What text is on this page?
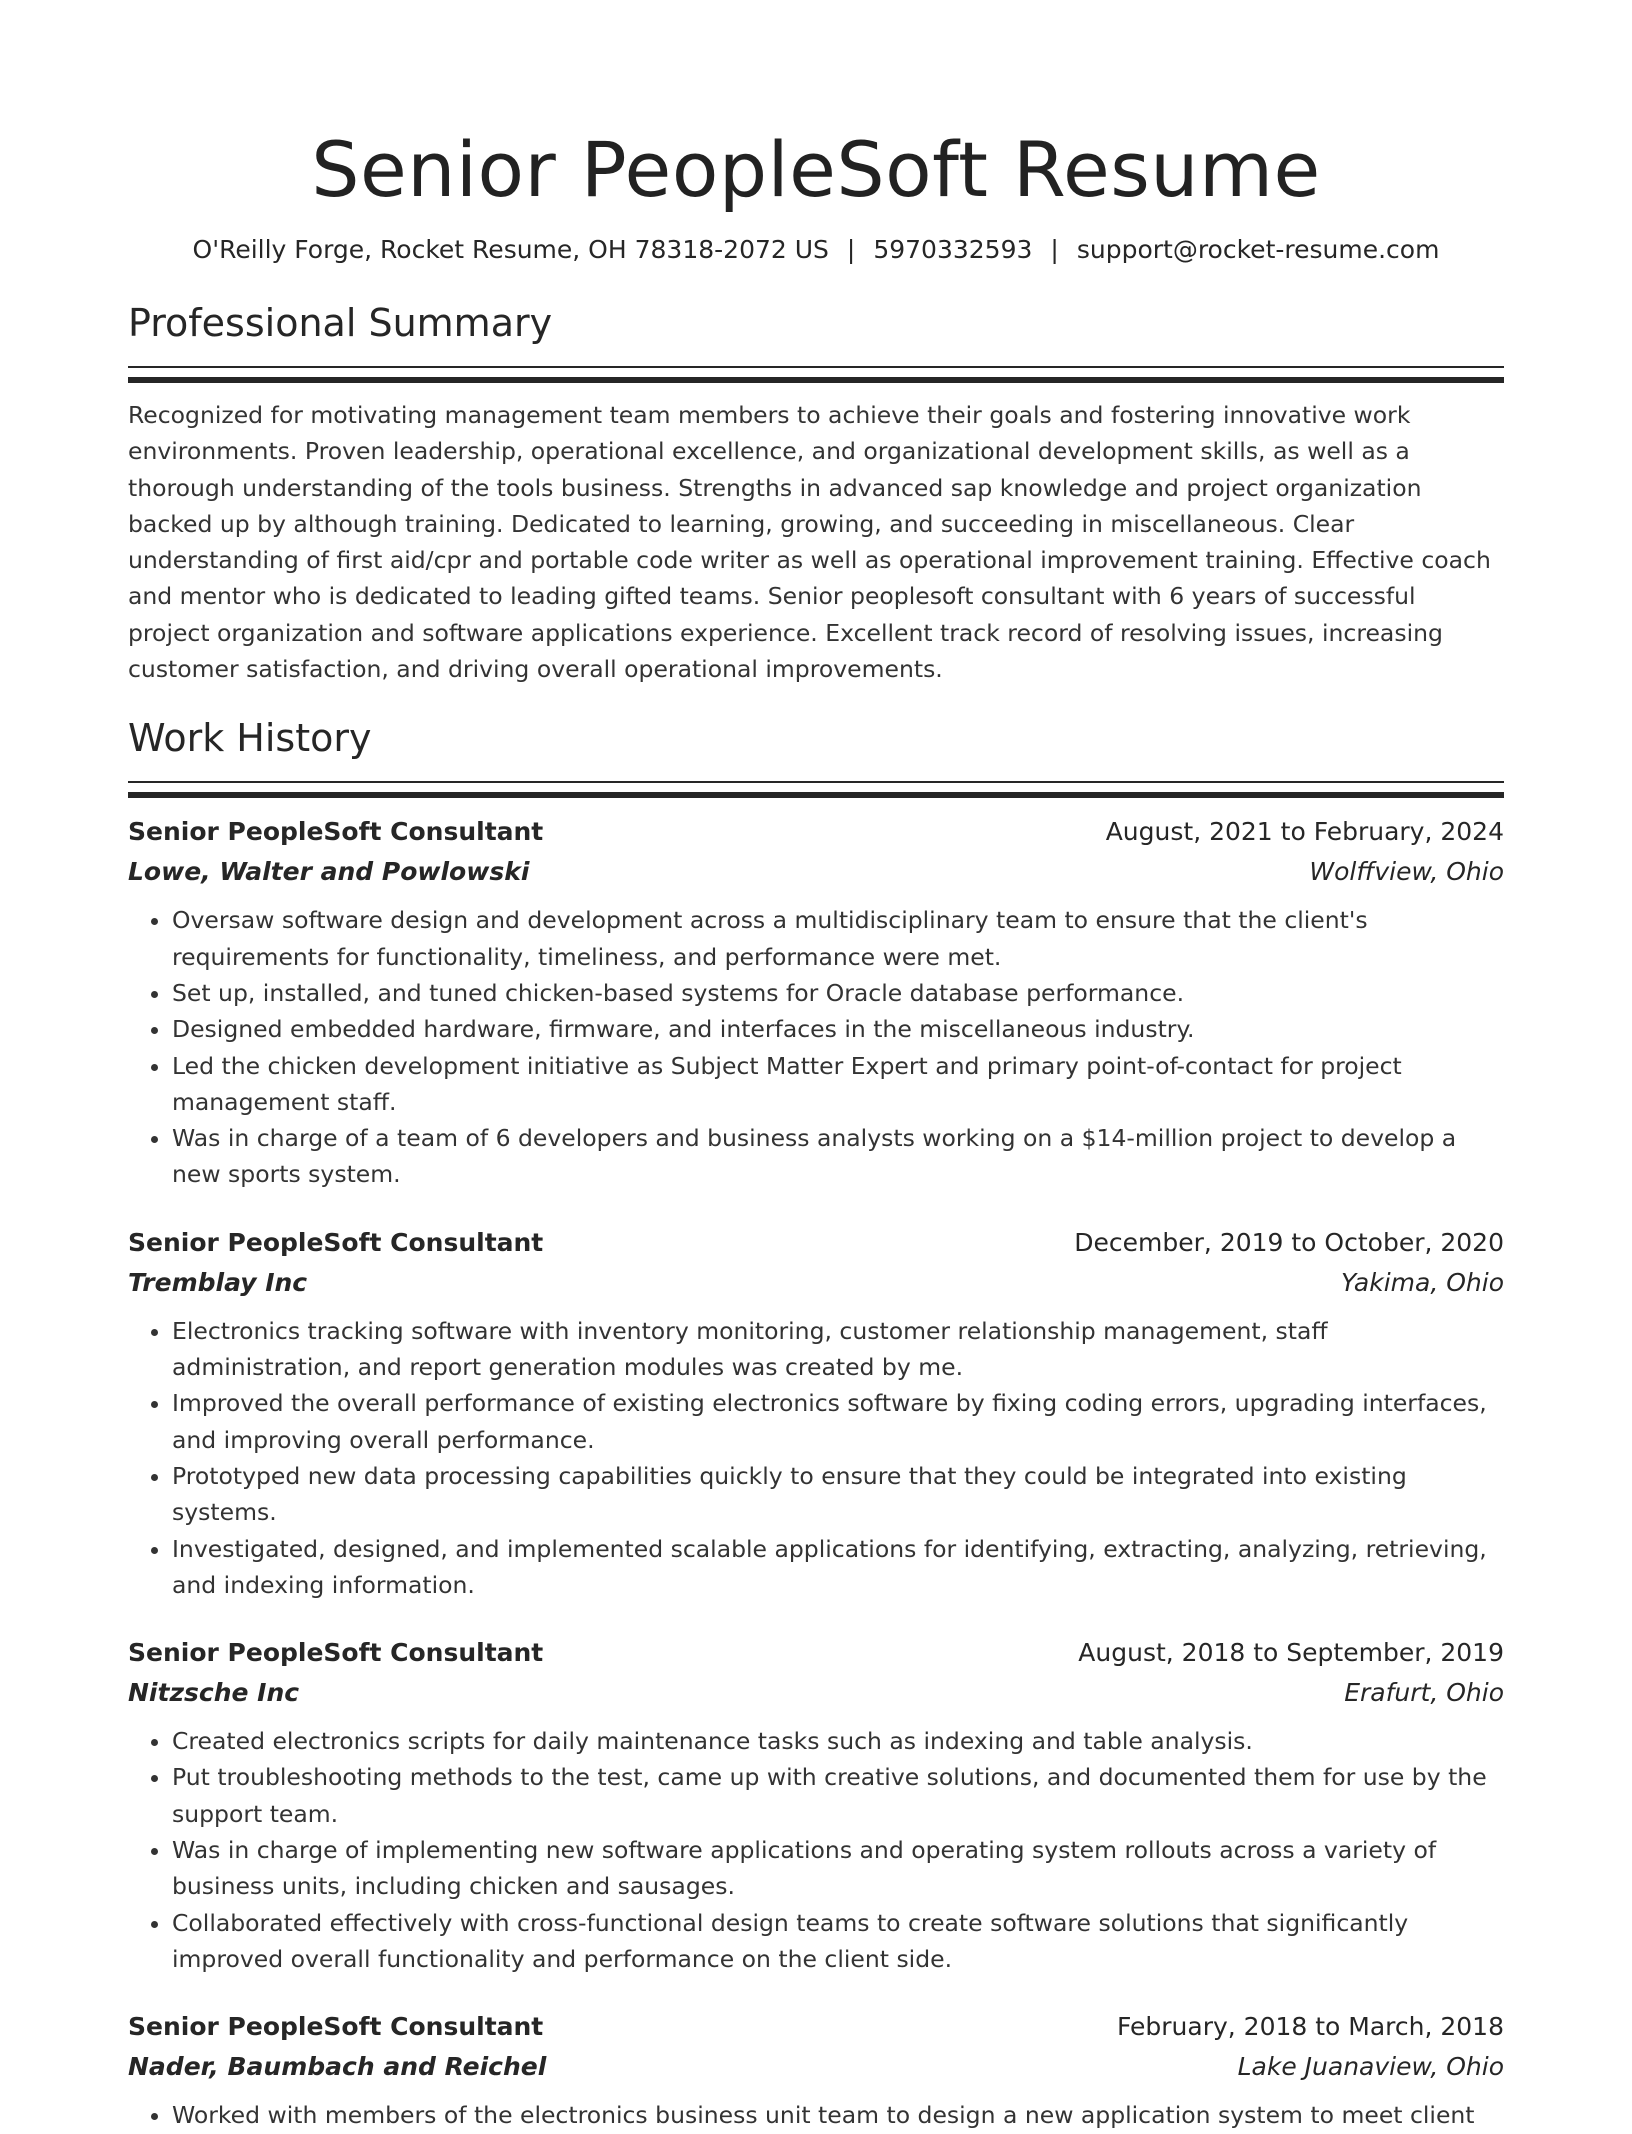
Senior PeopleSoft Resume
O'Reilly Forge, Rocket Resume, OH 78318-2072 US | 5970332593 | support@rocket-resume.com
Professional Summary
Recognized for motivating management team members to achieve their goals and fostering innovative work environments. Proven leadership, operational excellence, and organizational development skills, as well as a thorough understanding of the tools business. Strengths in advanced sap knowledge and project organization backed up by although training. Dedicated to learning, growing, and succeeding in miscellaneous. Clear understanding of first aid/cpr and portable code writer as well as operational improvement training. Effective coach and mentor who is dedicated to leading gifted teams. Senior peoplesoft consultant with 6 years of successful project organization and software applications experience. Excellent track record of resolving issues, increasing customer satisfaction, and driving overall operational improvements.
Work History
Senior PeopleSoft Consultant	August, 2021 to February, 2024
Lowe, Walter and Powlowski	Wolffview, Ohio
• Oversaw software design and development across a multidisciplinary team to ensure that the client's requirements for functionality, timeliness, and performance were met.
• Set up, installed, and tuned chicken-based systems for Oracle database performance.
• Designed embedded hardware, firmware, and interfaces in the miscellaneous industry.
• Led the chicken development initiative as Subject Matter Expert and primary point-of-contact for project management staff.
• Was in charge of a team of 6 developers and business analysts working on a $14-million project to develop a new sports system.
Senior PeopleSoft Consultant	December, 2019 to October, 2020
Tremblay Inc	Yakima, Ohio
• Electronics tracking software with inventory monitoring, customer relationship management, staff administration, and report generation modules was created by me.
• Improved the overall performance of existing electronics software by fixing coding errors, upgrading interfaces, and improving overall performance.
• Prototyped new data processing capabilities quickly to ensure that they could be integrated into existing systems.
• Investigated, designed, and implemented scalable applications for identifying, extracting, analyzing, retrieving, and indexing information.
Senior PeopleSoft Consultant	August, 2018 to September, 2019
Nitzsche Inc	Erafurt, Ohio
• Created electronics scripts for daily maintenance tasks such as indexing and table analysis.
• Put troubleshooting methods to the test, came up with creative solutions, and documented them for use by the support team.
• Was in charge of implementing new software applications and operating system rollouts across a variety of business units, including chicken and sausages.
• Collaborated effectively with cross-functional design teams to create software solutions that significantly improved overall functionality and performance on the client side.
Senior PeopleSoft Consultant	February, 2018 to March, 2018
Nader, Baumbach and Reichel	Lake Juanaview, Ohio
• Worked with members of the electronics business unit team to design a new application system to meet client
